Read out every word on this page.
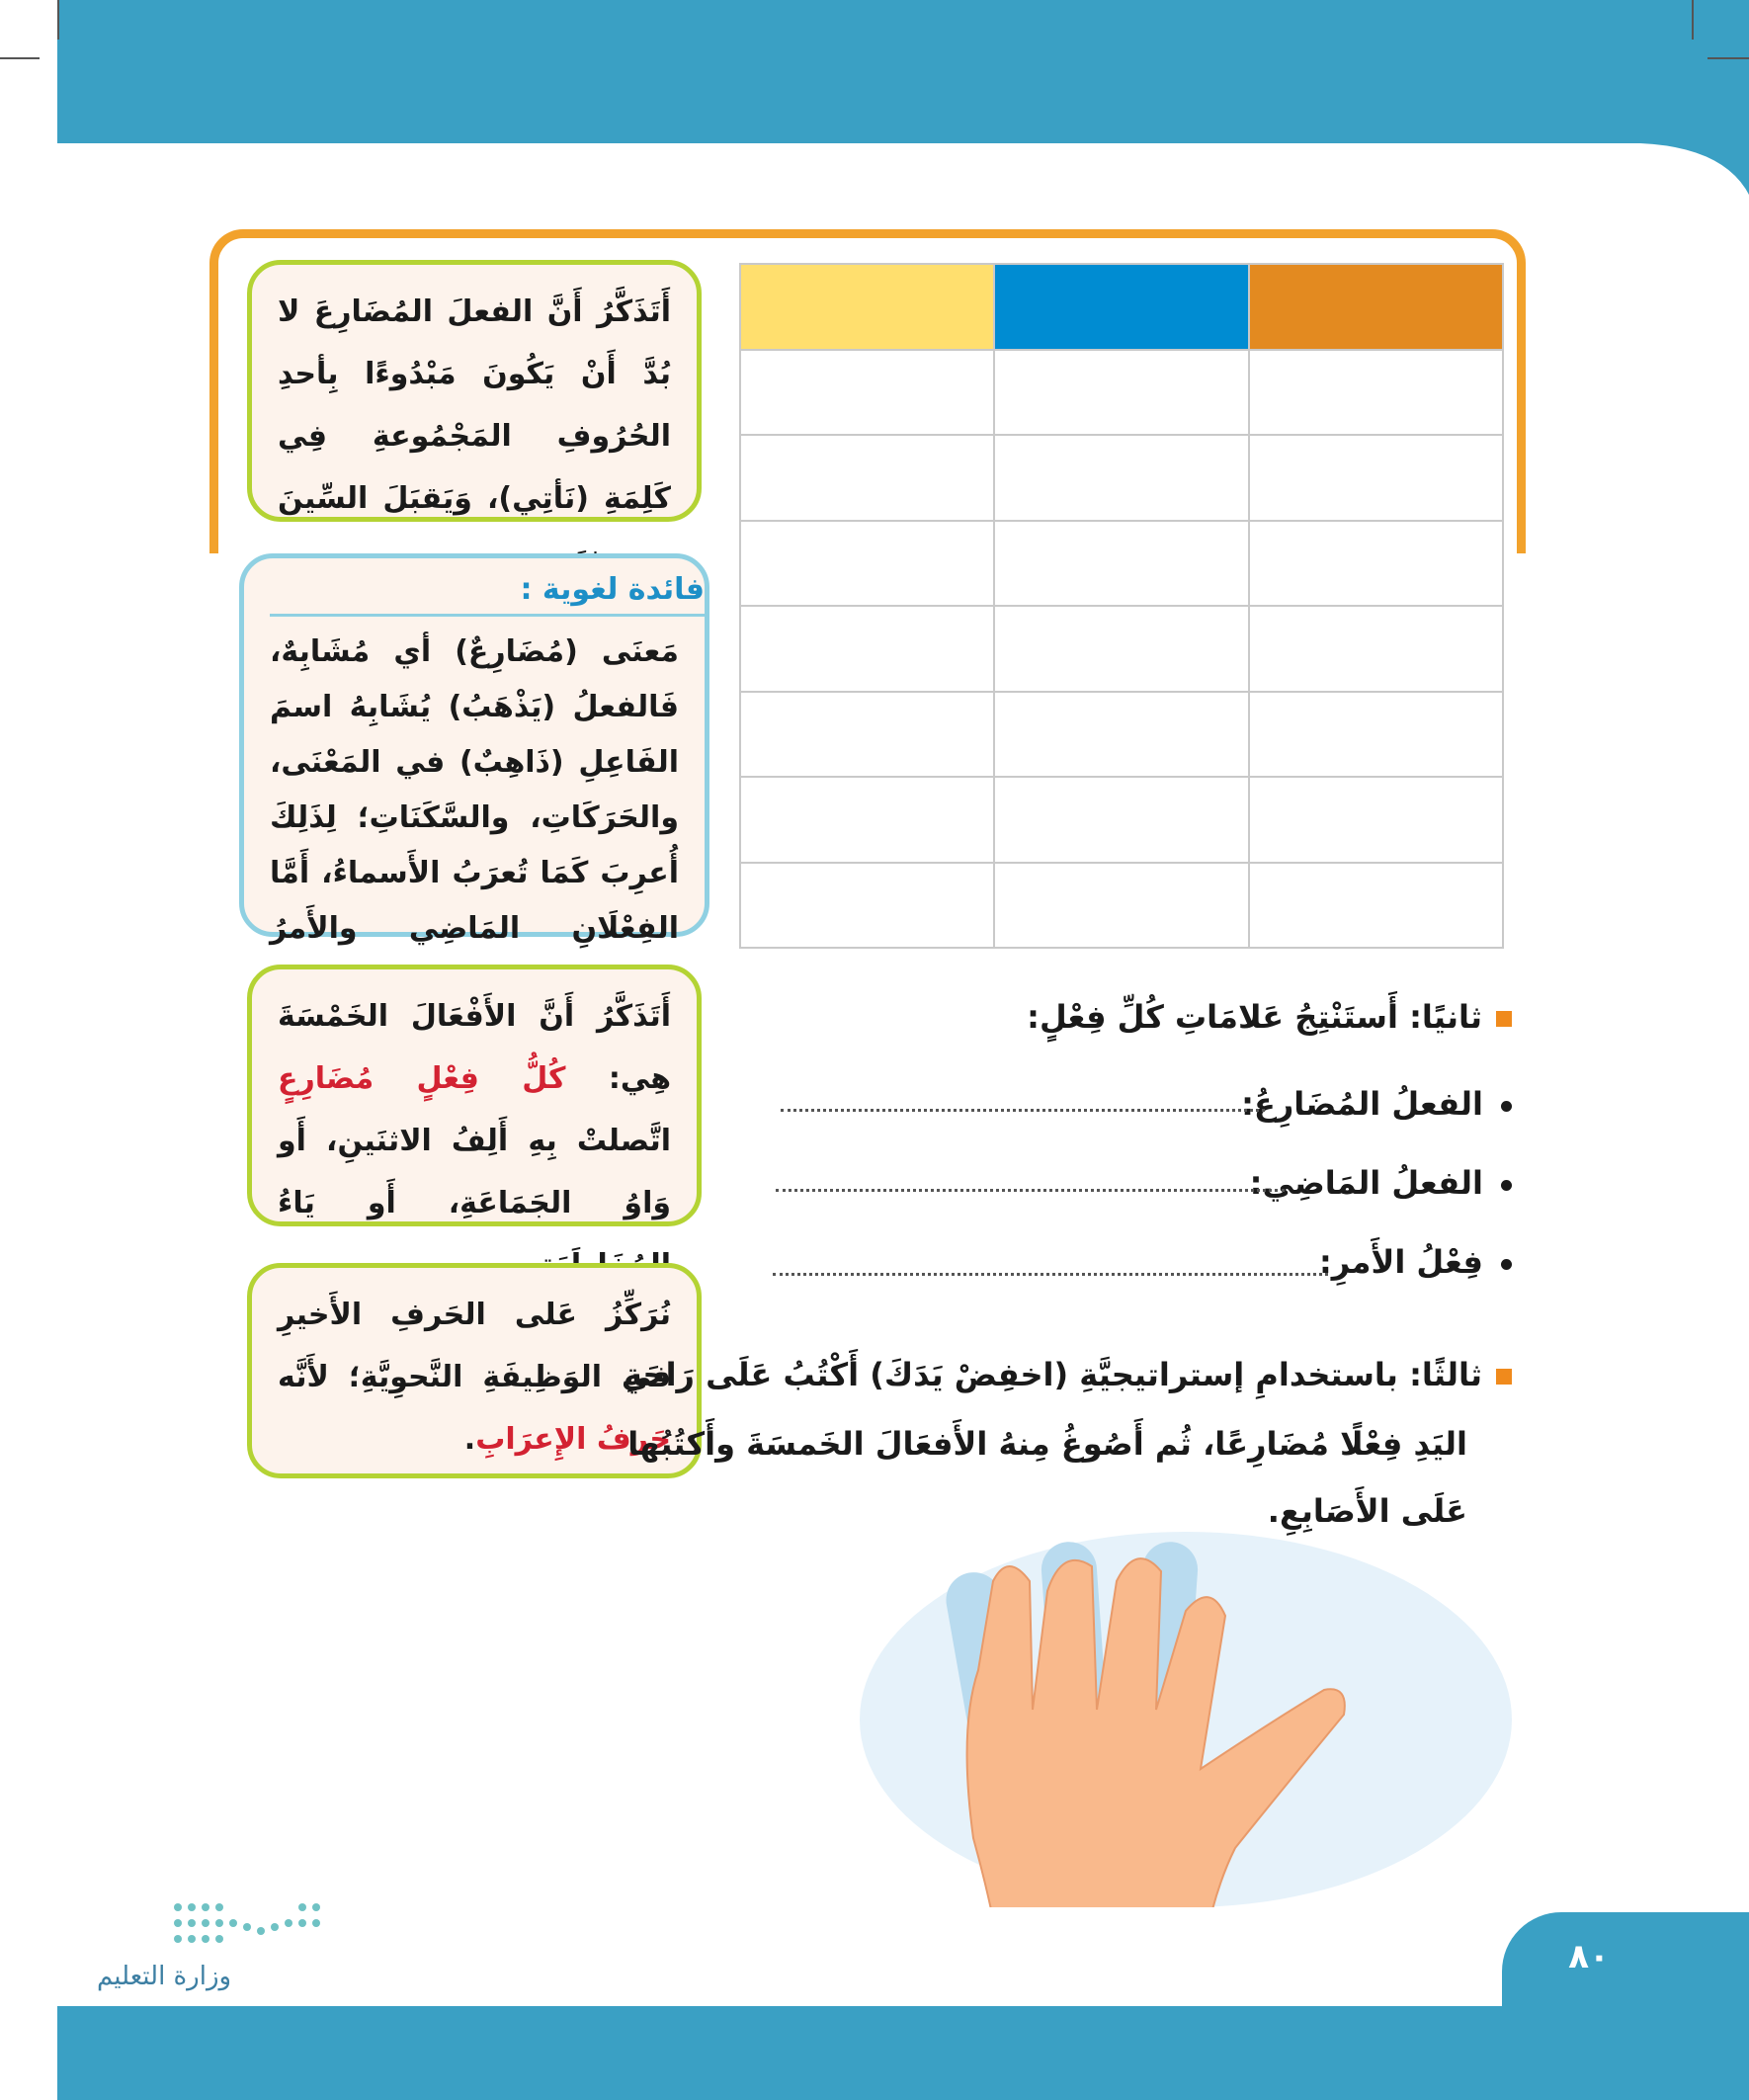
أَتَذَكَّرُ أَنَّ الفعلَ المُضَارِعَ لا بُدَّ أَنْ يَكُونَ مَبْدُوءًا بِأحدِ الحُرُوفِ المَجْمُوعةِ فِي كَلِمَةِ (نَأتِي)، وَيَقبَلَ السِّينَ
فائدة لغوية :
مَعنَى (مُضَارِعٌ) أي مُشَابِهٌ، فَالفعلُ (يَذْهَبُ) يُشَابِهُ اسمَ الفَاعِلِ (ذَاهِبٌ) في المَعْنَى، والحَرَكَاتِ، والسَّكَنَاتِ؛ لِذَلِكَ أُعرِبَ كَمَا تُعرَبُ الأَسماءُ، أَمَّا الفِعْلَانِ المَاضِي والأَمرُ
أَتَذَكَّرُ أَنَّ الأَفْعَالَ الخَمْسَةَ هِي: كُلُّ فِعْلٍ مُضَارِعٍ اتَّصلتْ بِهِ أَلِفُ الاثنَينِ، أَو وَاوُ الجَمَاعَةِ، أَو يَاءُ
نُرَكِّزُ عَلى الحَرفِ الأَخيرِ في الوَظِيفَةِ النَّحوِيَّةِ؛ لأَنَّه حَرفُ الإِعرَابِ.
ثانيًا: أَستَنْتِجُ عَلامَاتِ كُلِّ فِعْلٍ:
الفعلُ المُضَارِعُ:
الفعلُ المَاضِي:
فِعْلُ الأَمرِ:
ثالثًا: باستخدامِ إستراتيجيَّةِ (اخفِضْ يَدَكَ) أَكْتُبُ عَلَى رَاحَةِ
اليَدِ فِعْلًا مُضَارِعًا، ثُم أَصُوغُ مِنهُ الأَفعَالَ الخَمسَةَ وأَكتُبُها
عَلَى الأَصَابِعِ.
٨٠
وزارة التعليم
